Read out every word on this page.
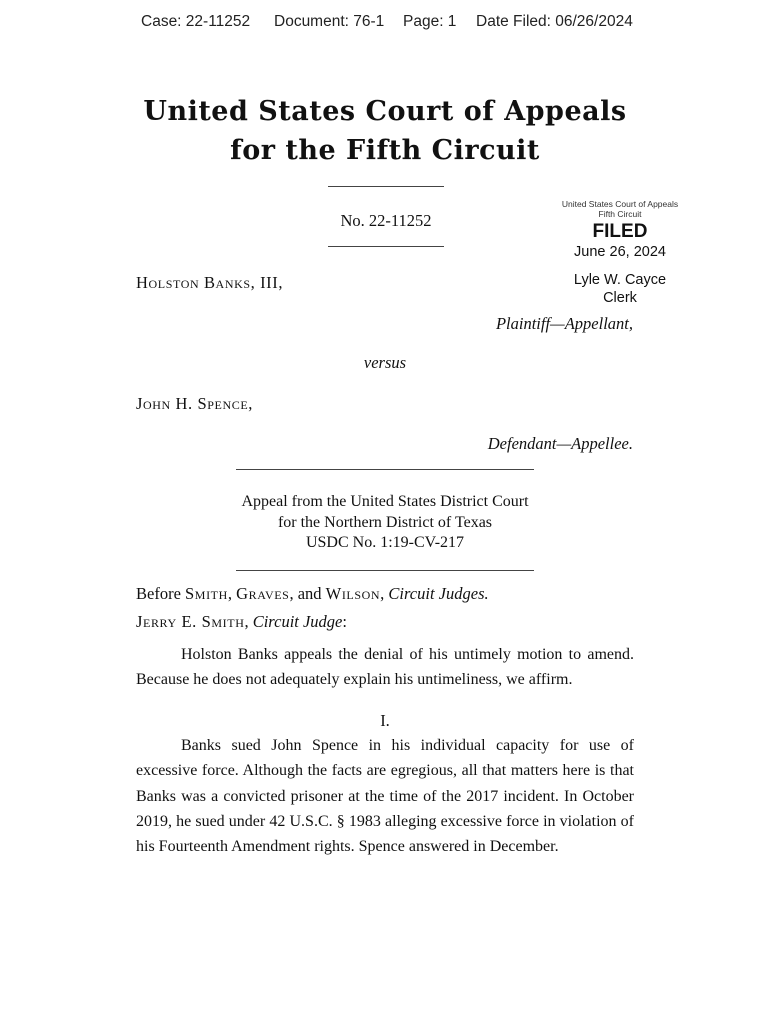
Case: 22-11252 Document: 76-1 Page: 1 Date Filed: 06/26/2024
United States Court of Appeals
for the Fifth Circuit
No. 22-11252
United States Court of Appeals
Fifth Circuit
FILED
June 26, 2024
Lyle W. Cayce
Clerk
Holston Banks, III,
Plaintiff—Appellant,
versus
John H. Spence,
Defendant—Appellee.
Appeal from the United States District Court
for the Northern District of Texas
USDC No. 1:19-CV-217
Before Smith, Graves, and Wilson, Circuit Judges.
Jerry E. Smith, Circuit Judge:
Holston Banks appeals the denial of his untimely motion to amend. Because he does not adequately explain his untimeliness, we affirm.
I.
Banks sued John Spence in his individual capacity for use of excessive force. Although the facts are egregious, all that matters here is that Banks was a convicted prisoner at the time of the 2017 incident. In October 2019, he sued under 42 U.S.C. § 1983 alleging excessive force in violation of his Fourteenth Amendment rights. Spence answered in December.
